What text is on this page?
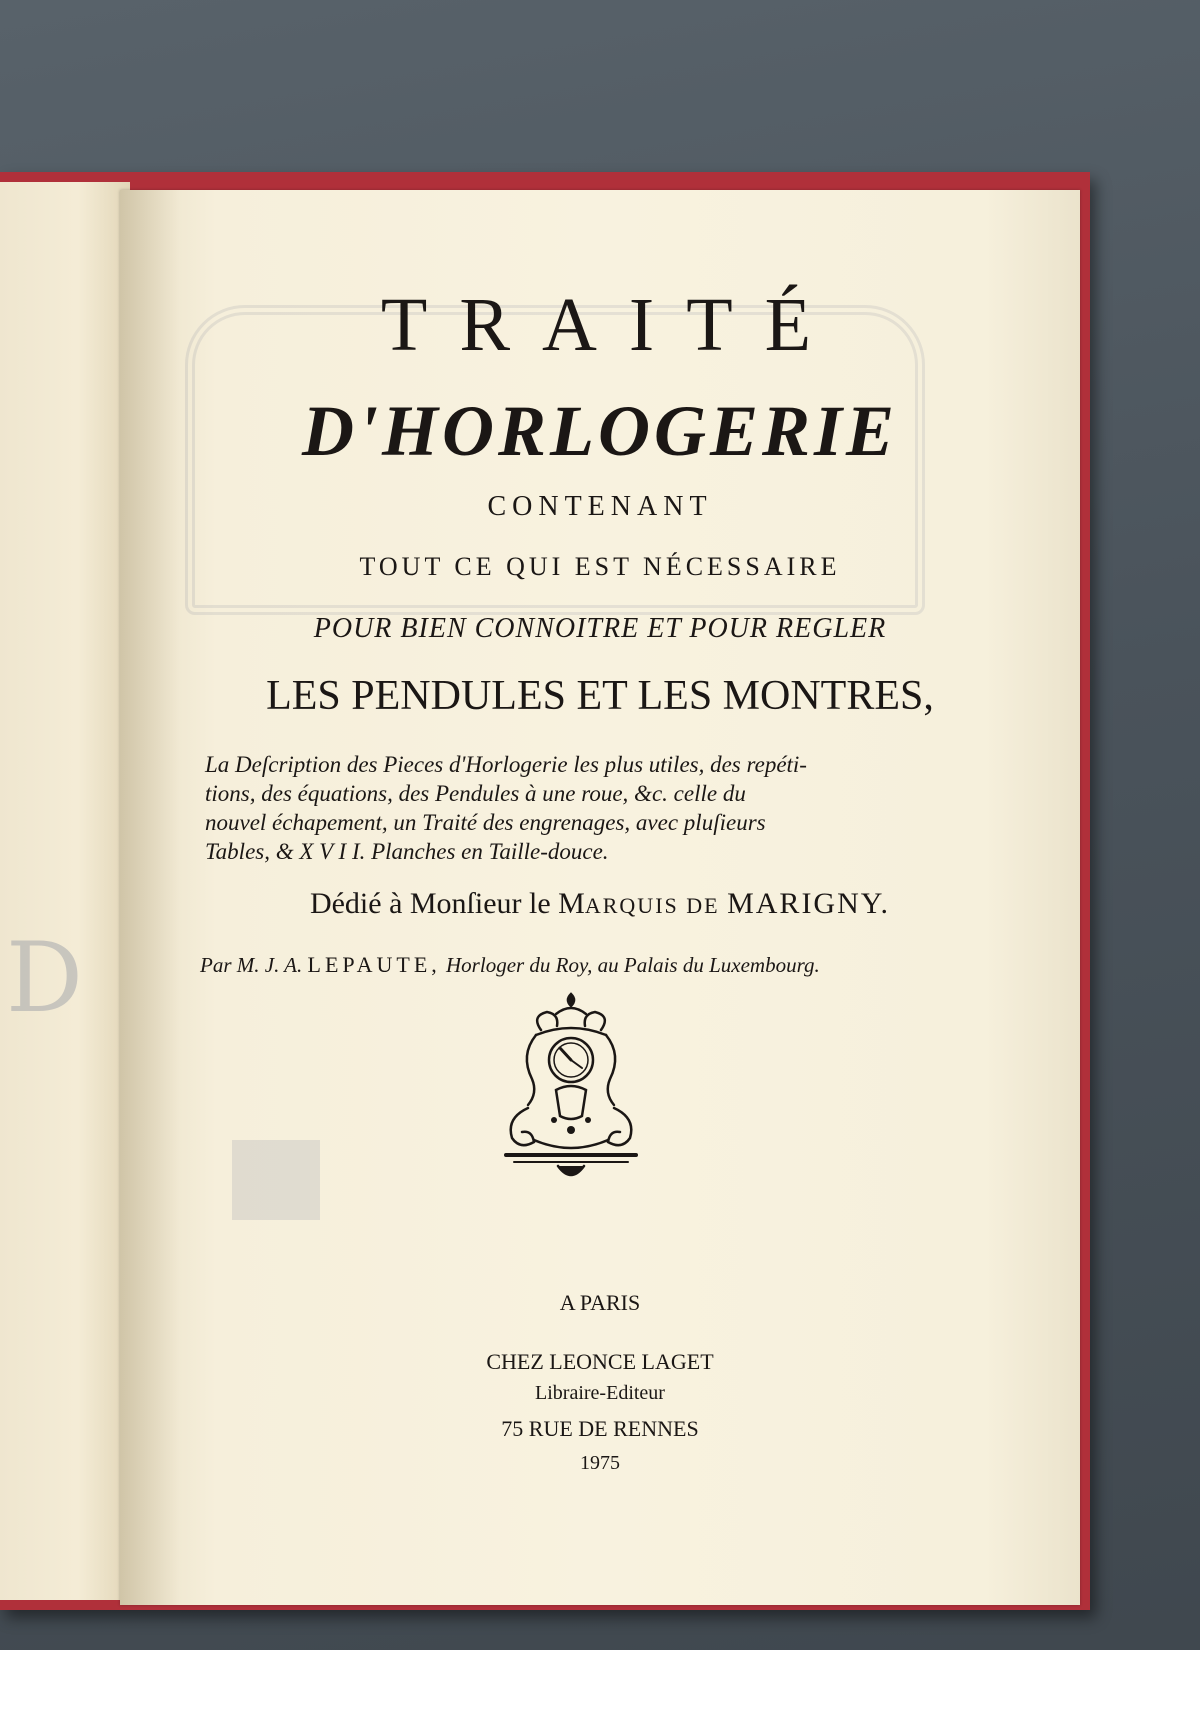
D
TRAITÉ
D'HORLOGERIE
CONTENANT
TOUT CE QUI EST NÉCESSAIRE
POUR BIEN CONNOITRE ET POUR REGLER
LES PENDULES ET LES MONTRES,
La Deſcription des Pieces d'Horlogerie les plus utiles, des repéti-
tions, des équations, des Pendules à une roue, &c. celle du
nouvel échapement, un Traité des engrenages, avec pluſieurs
Tables, & X V I I. Planches en Taille-douce.
Dédié à Monſieur le MARQUIS DE MARIGNY.
Par M. J. A. LEPAUTE, Horloger du Roy, au Palais du Luxembourg.
A PARIS
CHEZ LEONCE LAGET
Libraire-Editeur
75 RUE DE RENNES
1975
